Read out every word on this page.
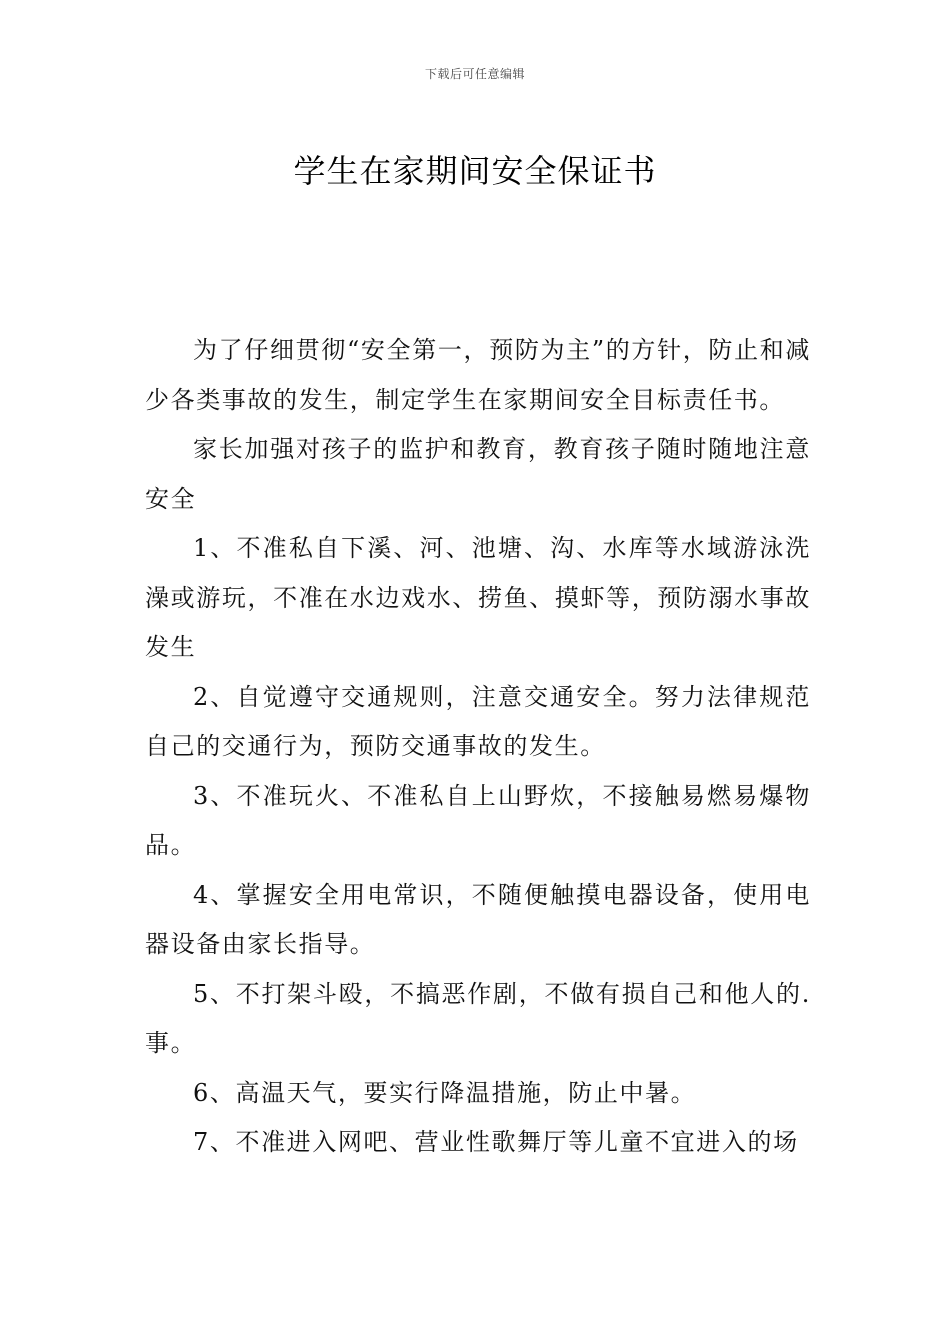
下载后可任意编辑
学生在家期间安全保证书

为了仔细贯彻“安全第一，预防为主”的方针，防止和减少各类事故的发生，制定学生在家期间安全目标责任书。

家长加强对孩子的监护和教育，教育孩子随时随地注意安全

1、不准私自下溪、河、池塘、沟、水库等水域游泳洗澡或游玩，不准在水边戏水、捞鱼、摸虾等，预防溺水事故发生

2、自觉遵守交通规则，注意交通安全。努力法律规范自己的交通行为，预防交通事故的发生。

3、不准玩火、不准私自上山野炊，不接触易燃易爆物品。

4、掌握安全用电常识，不随便触摸电器设备，使用电器设备由家长指导。

5、不打架斗殴，不搞恶作剧，不做有损自己和他人的.事。

6、高温天气，要实行降温措施，防止中暑。

7、不准进入网吧、营业性歌舞厅等儿童不宜进入的场
